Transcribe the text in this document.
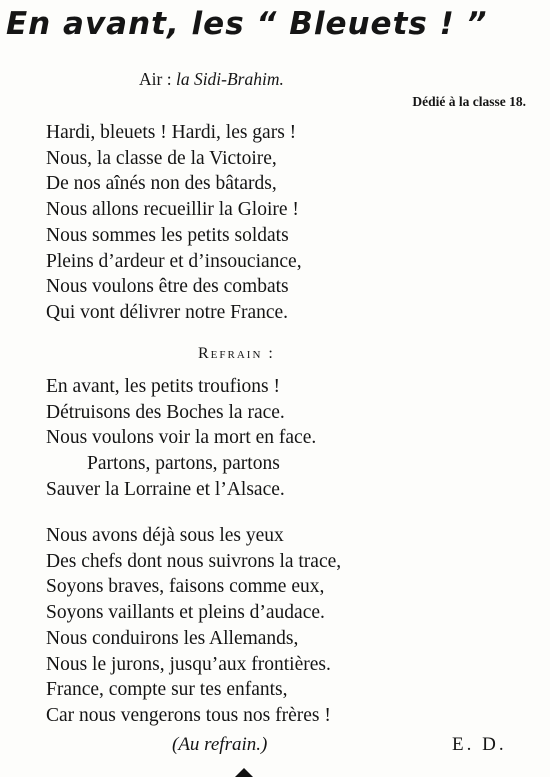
En avant, les “ Bleuets ! ”
Air : la Sidi-Brahim.
Dédié à la classe 18.
Hardi, bleuets ! Hardi, les gars !
Nous, la classe de la Victoire,
De nos aînés non des bâtards,
Nous allons recueillir la Gloire !
Nous sommes les petits soldats
Pleins d’ardeur et d’insouciance,
Nous voulons être des combats
Qui vont délivrer notre France.
Refrain :
En avant, les petits troufions !
Détruisons des Boches la race.
Nous voulons voir la mort en face.
Partons, partons, partons
Sauver la Lorraine et l’Alsace.
Nous avons déjà sous les yeux
Des chefs dont nous suivrons la trace,
Soyons braves, faisons comme eux,
Soyons vaillants et pleins d’audace.
Nous conduirons les Allemands,
Nous le jurons, jusqu’aux frontières.
France, compte sur tes enfants,
Car nous vengerons tous nos frères !
(Au refrain.)	E. D.
